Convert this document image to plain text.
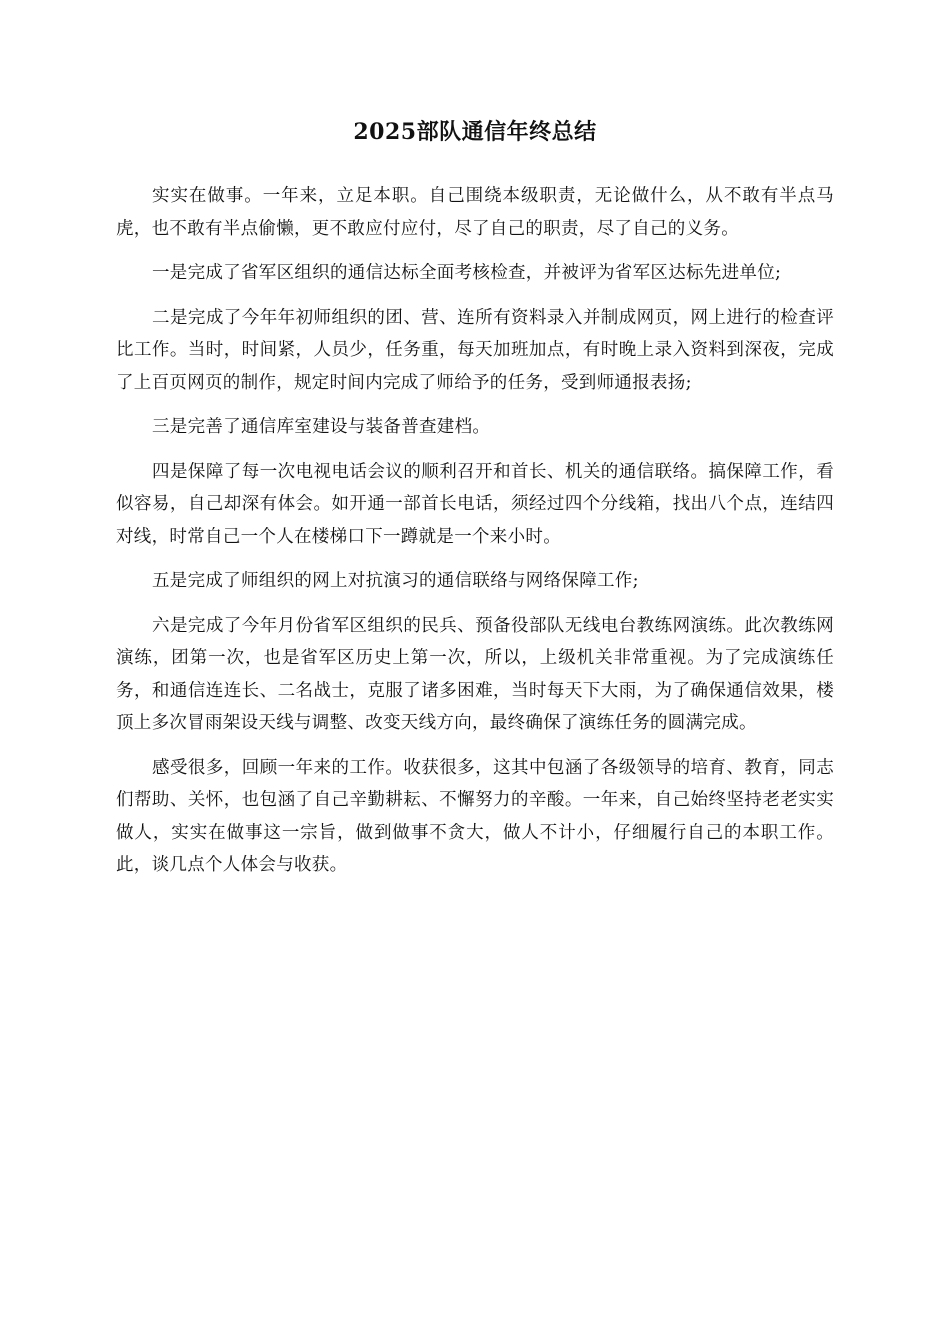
2025部队通信年终总结

实实在做事。一年来，立足本职。自己围绕本级职责，无论做什么，从不敢有半点马虎，也不敢有半点偷懒，更不敢应付应付，尽了自己的职责，尽了自己的义务。

一是完成了省军区组织的通信达标全面考核检查，并被评为省军区达标先进单位;

二是完成了今年年初师组织的团、营、连所有资料录入并制成网页，网上进行的检查评比工作。当时，时间紧，人员少，任务重，每天加班加点，有时晚上录入资料到深夜，完成了上百页网页的制作，规定时间内完成了师给予的任务，受到师通报表扬;

三是完善了通信库室建设与装备普查建档。

四是保障了每一次电视电话会议的顺利召开和首长、机关的通信联络。搞保障工作，看似容易，自己却深有体会。如开通一部首长电话，须经过四个分线箱，找出八个点，连结四对线，时常自己一个人在楼梯口下一蹲就是一个来小时。

五是完成了师组织的网上对抗演习的通信联络与网络保障工作;

六是完成了今年月份省军区组织的民兵、预备役部队无线电台教练网演练。此次教练网演练，团第一次，也是省军区历史上第一次，所以，上级机关非常重视。为了完成演练任务，和通信连连长、二名战士，克服了诸多困难，当时每天下大雨，为了确保通信效果，楼顶上多次冒雨架设天线与调整、改变天线方向，最终确保了演练任务的圆满完成。

感受很多，回顾一年来的工作。收获很多，这其中包涵了各级领导的培育、教育，同志们帮助、关怀，也包涵了自己辛勤耕耘、不懈努力的辛酸。一年来，自己始终坚持老老实实做人，实实在做事这一宗旨，做到做事不贪大，做人不计小，仔细履行自己的本职工作。此，谈几点个人体会与收获。
